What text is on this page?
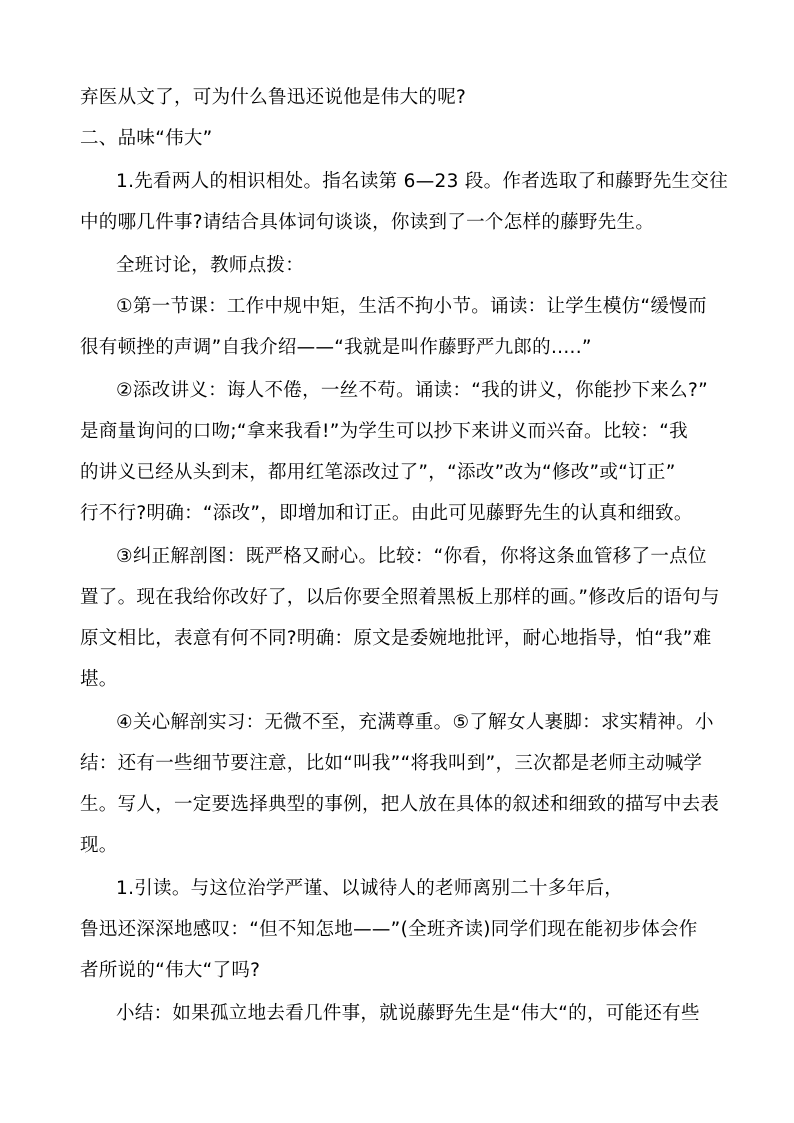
弃医从文了，可为什么鲁迅还说他是伟大的呢?
二、品味“伟大”
1.先看两人的相识相处。指名读第 6—23 段。作者选取了和藤野先生交往
中的哪几件事?请结合具体词句谈谈，你读到了一个怎样的藤野先生。
全班讨论，教师点拨：
①第一节课：工作中规中矩，生活不拘小节。诵读：让学生模仿“缓慢而
很有顿挫的声调”自我介绍——“我就是叫作藤野严九郎的.....”
②添改讲义：诲人不倦，一丝不苟。诵读：“我的讲义，你能抄下来么?”
是商量询问的口吻;“拿来我看!”为学生可以抄下来讲义而兴奋。比较：“我
的讲义已经从头到末，都用红笔添改过了”，“添改”改为“修改”或“订正”
行不行?明确：“添改”，即增加和订正。由此可见藤野先生的认真和细致。
③纠正解剖图：既严格又耐心。比较：“你看，你将这条血管移了一点位
置了。现在我给你改好了，以后你要全照着黑板上那样的画。”修改后的语句与
原文相比，表意有何不同?明确：原文是委婉地批评，耐心地指导，怕“我”难
堪。
④关心解剖实习：无微不至，充满尊重。⑤了解女人裹脚：求实精神。小
结：还有一些细节要注意，比如“叫我”“将我叫到”，三次都是老师主动喊学
生。写人，一定要选择典型的事例，把人放在具体的叙述和细致的描写中去表
现。
1.引读。与这位治学严谨、以诚待人的老师离别二十多年后，
鲁迅还深深地感叹：“但不知怎地——”(全班齐读)同学们现在能初步体会作
者所说的“伟大“了吗?
小结：如果孤立地去看几件事，就说藤野先生是“伟大“的，可能还有些
